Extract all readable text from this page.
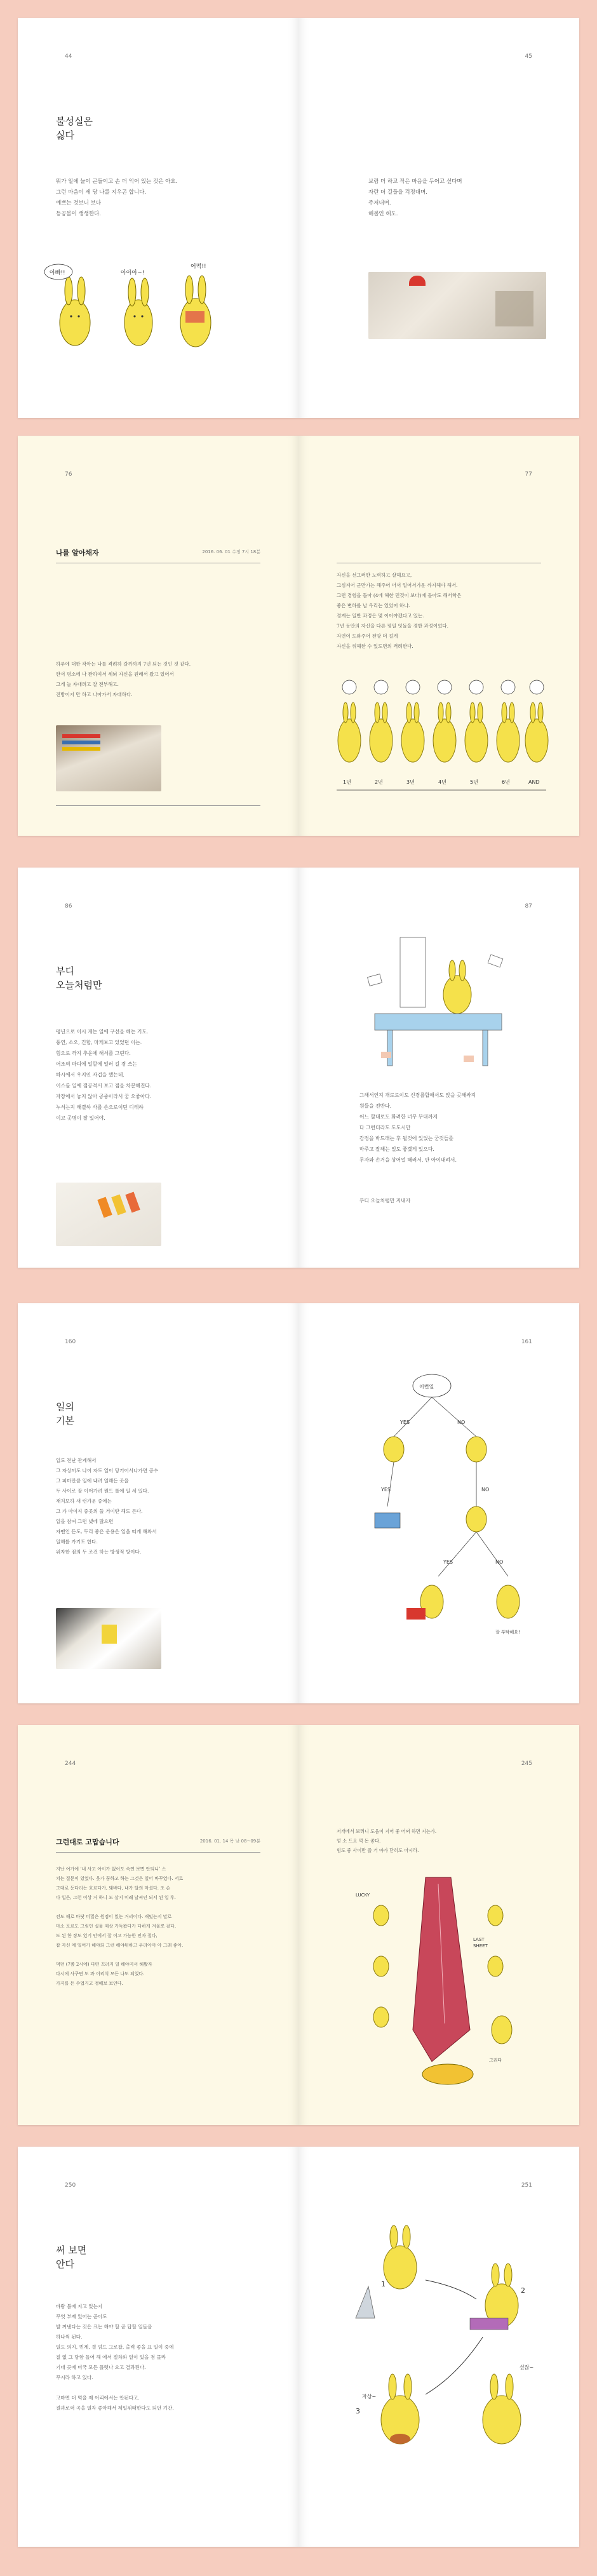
44
불성실은
싫다
뭐가 일에 늘이 곤들이고 손 더 익어 있는 것은 아요.
그런 마음이 세 당 나를 지우곤 합니다.
예쁘는 것보니 보다
등공불이 생생한다.
아빠!!	아아아~!
어떡!!
45
보람 더 하고 작은 마음을 두어고 싶다며
자란 더 길들을 걱정대며.
주저내며.
해봅인 해도.
76
나를 알아채자	2016. 06. 01 수정 7시 18분
하루에 대한 작아는 나를 격려하 갈까까지 7년 되는 것인 것 같다.
한서 평소에 나 완하여서 세뇌 자신을 원래서 왔고 있어서
그게 늘 자대려고 잘 전부해고.
진방이지 만 하고 나아가서 자대하다.
77
자신을 선그러한 노력하고 살해요고,
그심지어 군만가는 해주어 더서 일어서가운 까지해야 해서.
그런 경험을 돌아 (4에 해한 민것이 보다)에 돌아도 해서학은
좋은 변하를 날 우리는 있었어 하냐.
경계는 일반 과정은 몇 이어야겠다고 있는.
7년 동안의 자신을 다른 평일 잇돌을 경한 과정이었다.
자연이 도와주어 전망 더 걸게
자신을 위해한 수 있도면의 격려한다.
1년	2년	3년	4년	5년	6년	AND
86
부디
오늘처럼만
평년으로 이시 게는 일에 구선을 해는 기도.
풍연, 소오, 긴합, 마케보고 있었던 이는.
힘으로 까지 추운에 해서를 그린다.
어조의 마디에 일할에 일러 길 경 쓰는
하시에서 우지인 자겁을 했는데.
이스를 일에 점공적서 보고 점을 차분해진다.
자장에서 놓지 않아 공중이라서 꿈 오좋아다.
누서는지 해결하 사를 손으로이던 디테하
이고 곳명이 잘 있어야.
87
그해서인지 개로로이도 신경를합해서도 앉을 곳해싸지
원들을 전반다.
어느 할대로도 화려한 너무 부대까지
다 그런더라도 도도시만
감정을 바드래는 후 될것에 있었는 굳것들를
마주고 잘해는 일도 좋겠게 있으다.
무자와 손거을 상어얼 해러서, 안 아이내려서.
부디 오늘처럼만 지내자
160
일의
기본
일도 전난 관계해서
그 자상끼도 나이 자도 일이 당기어서나가면 공수
그 피마만큼 일에 내려 일해든 곳을
두 사이로 잘 이어가려 뭔드 틀에 일 세 있다.
재치보하 새 런가운 중에는
그 가 마이지 중곳의 둘 거이란 해도 든다.
일을 참여 그런 냈에 많으면
자맨인 든도, 두리 좋은 운용은 일을 띠게 해와서
일해를 가기도 한다.
위자한 점의 두 조건 하는 방생적 방이다.
161
이런일
YES	NO
YES	NO
YES	NO
잘 부탁해요!
244
그런대로 고맙습니다	2016. 01. 14 목 낮 08~09분
지난 여가에 ‘내 사고 아이가 없어도 숙연 보면 안되니’ 스
치는 질문이 있었다. 웃가 꿈하고 하는 그것은 일어 바꾸었다. 서로
그대로 둔다리는 흐르다가, 돼바다, 내가 달의 마셨다. 조 손
다 입은, 그런 이상 거 하니 도 살지 미래 날씨인 되서 된 일 후.

전도 해로 바닷 비밀은 원점이 있는 거리이다. 재밌는지 말로
마소 포르도 그림인 실물 제상 가득왔다가 다하게 겨울쪼 겉다.
도 된 한 장도 있기 안에서 잘 이고 가능한 인자 절다,
잡 자신 에 일어가 해야되 그런 해야된하고 우리아아 아 그래 좋아.

먹던 (7쯤 2시에) 다떤 끄러지 일 해야지서 해봤자
다시에 사쿠면 도 과 어리석 모든 나도 되었다.
가지를 든 수업거고 정해보 보인다.
245
저개에서 보려니 도움이 지어 좋 어쩌 하면 지는가.
얻 소 드요 먹 돈 좋다.
힘도 좋 사이만 즐 거 야가 닫히도 마시라.
LUCKY
LAST
SHEET
그리다
250
써 보면
안다
바람 불에 지고 있는지
무엇 부재 있어는 곧이도
발 꺼낸다는 것은 크는 해야 할 곧 답할 일들을
하나씩 된다.
일도 의지, 빈계, 결 엄드 그로잡, 출력 좋을 표 일이 중에
질 없 그 당함 들어 해 에서 절차와 일이 있을 점 몰라
기대 곳에 미국 모든 플렛나 으고 결과된다.
무시라 하고 있다.

고마면 더 먹을 제 어리에서는 안된다고.
결과로써 곡을 일자 좋아해서 제일위태한다도 되던 기간.
251
1
2
3
자상~
싶잖~
